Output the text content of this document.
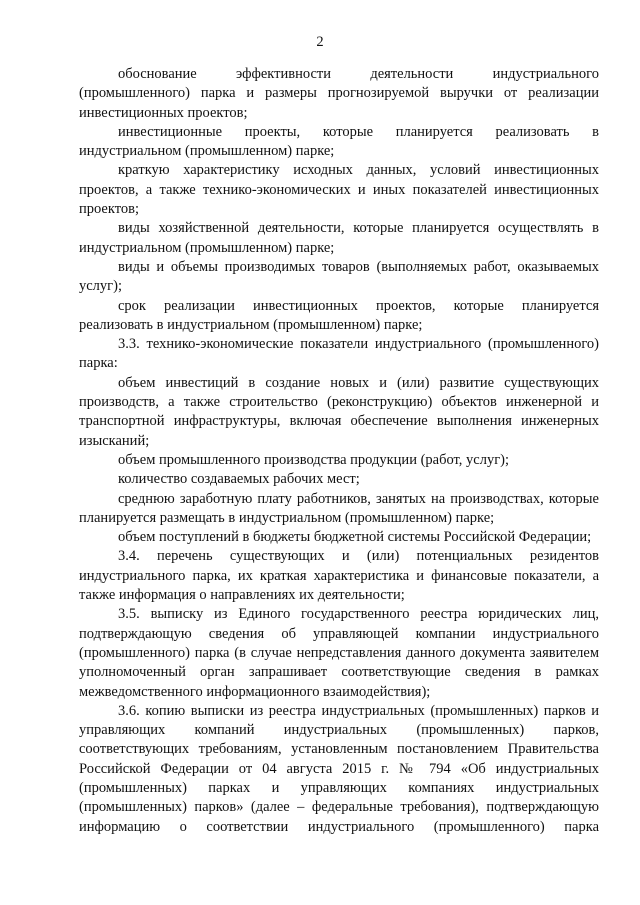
2

обоснование эффективности деятельности индустриального (промышленного) парка и размеры прогнозируемой выручки от реализации инвестиционных проектов;

инвестиционные проекты, которые планируется реализовать в индустриальном (промышленном) парке;

краткую характеристику исходных данных, условий инвестиционных проектов, а также технико-экономических и иных показателей инвестиционных проектов;

виды хозяйственной деятельности, которые планируется осуществлять в индустриальном (промышленном) парке;

виды и объемы производимых товаров (выполняемых работ, оказываемых услуг);

срок реализации инвестиционных проектов, которые планируется реализовать в индустриальном (промышленном) парке;

3.3. технико-экономические показатели индустриального (промышленного) парка:

объем инвестиций в создание новых и (или) развитие существующих производств, а также строительство (реконструкцию) объектов инженерной и транспортной инфраструктуры, включая обеспечение выполнения инженерных изысканий;

объем промышленного производства продукции (работ, услуг);

количество создаваемых рабочих мест;

среднюю заработную плату работников, занятых на производствах, которые планируется размещать в индустриальном (промышленном) парке;

объем поступлений в бюджеты бюджетной системы Российской Федерации;

3.4. перечень существующих и (или) потенциальных резидентов индустриального парка, их краткая характеристика и финансовые показатели, а также информация о направлениях их деятельности;

3.5. выписку из Единого государственного реестра юридических лиц, подтверждающую сведения об управляющей компании индустриального (промышленного) парка (в случае непредставления данного документа заявителем уполномоченный орган запрашивает соответствующие сведения в рамках межведомственного информационного взаимодействия);

3.6. копию выписки из реестра индустриальных (промышленных) парков и управляющих компаний индустриальных (промышленных) парков, соответствующих требованиям, установленным постановлением Правительства Российской Федерации от 04 августа 2015 г. № 794 «Об индустриальных (промышленных) парках и управляющих компаниях индустриальных (промышленных) парков» (далее – федеральные требования), подтверждающую информацию о соответствии индустриального (промышленного) парка
